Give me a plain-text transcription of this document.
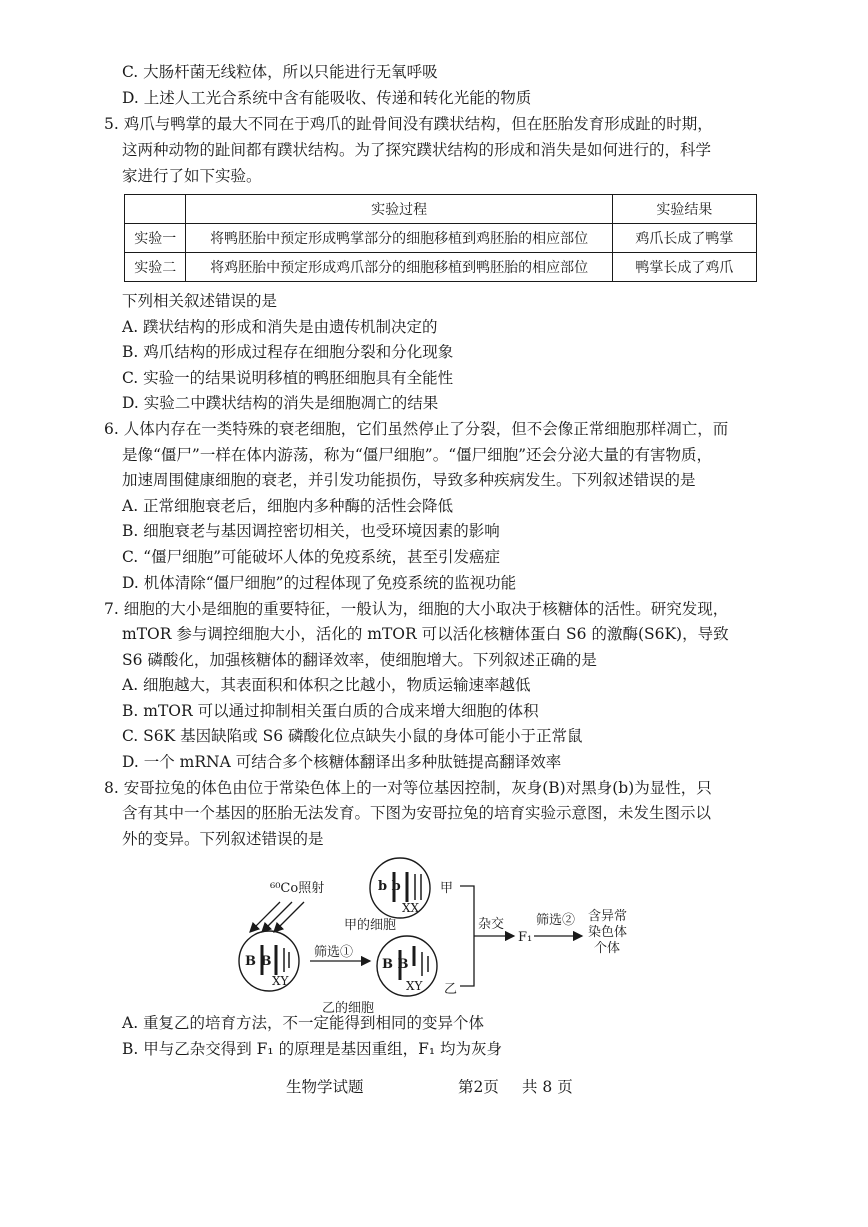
C. 大肠杆菌无线粒体，所以只能进行无氧呼吸
D. 上述人工光合系统中含有能吸收、传递和转化光能的物质
5. 鸡爪与鸭掌的最大不同在于鸡爪的趾骨间没有蹼状结构，但在胚胎发育形成趾的时期，
这两种动物的趾间都有蹼状结构。为了探究蹼状结构的形成和消失是如何进行的，科学
家进行了如下实验。
	实验过程	实验结果
实验一	将鸭胚胎中预定形成鸭掌部分的细胞移植到鸡胚胎的相应部位	鸡爪长成了鸭掌
实验二	将鸡胚胎中预定形成鸡爪部分的细胞移植到鸭胚胎的相应部位	鸭掌长成了鸡爪
下列相关叙述错误的是
A. 蹼状结构的形成和消失是由遗传机制决定的
B. 鸡爪结构的形成过程存在细胞分裂和分化现象
C. 实验一的结果说明移植的鸭胚细胞具有全能性
D. 实验二中蹼状结构的消失是细胞凋亡的结果
6. 人体内存在一类特殊的衰老细胞，它们虽然停止了分裂，但不会像正常细胞那样凋亡，而
是像“僵尸”一样在体内游荡，称为“僵尸细胞”。“僵尸细胞”还会分泌大量的有害物质，
加速周围健康细胞的衰老，并引发功能损伤，导致多种疾病发生。下列叙述错误的是
A. 正常细胞衰老后，细胞内多种酶的活性会降低
B. 细胞衰老与基因调控密切相关，也受环境因素的影响
C. “僵尸细胞”可能破坏人体的免疫系统，甚至引发癌症
D. 机体清除“僵尸细胞”的过程体现了免疫系统的监视功能
7. 细胞的大小是细胞的重要特征，一般认为，细胞的大小取决于核糖体的活性。研究发现，
mTOR 参与调控细胞大小，活化的 mTOR 可以活化核糖体蛋白 S6 的激酶(S6K)，导致
S6 磷酸化，加强核糖体的翻译效率，使细胞增大。下列叙述正确的是
A. 细胞越大，其表面积和体积之比越小，物质运输速率越低
B. mTOR 可以通过抑制相关蛋白质的合成来增大细胞的体积
C. S6K 基因缺陷或 S6 磷酸化位点缺失小鼠的身体可能小于正常鼠
D. 一个 mRNA 可结合多个核糖体翻译出多种肽链提高翻译效率
8. 安哥拉兔的体色由位于常染色体上的一对等位基因控制，灰身(B)对黑身(b)为显性，只
含有其中一个基因的胚胎无法发育。下图为安哥拉兔的培育实验示意图，未发生图示以
外的变异。下列叙述错误的是
⁶⁰Co照射
B B
XY
筛选①
b b
XX
甲
甲的细胞
B B
XY 乙
乙的细胞
杂交
F₁
筛选② 含异常
染色体
个体
A. 重复乙的培育方法，不一定能得到相同的变异个体
B. 甲与乙杂交得到 F₁ 的原理是基因重组，F₁ 均为灰身
生物学试题	第2页 共 8 页
